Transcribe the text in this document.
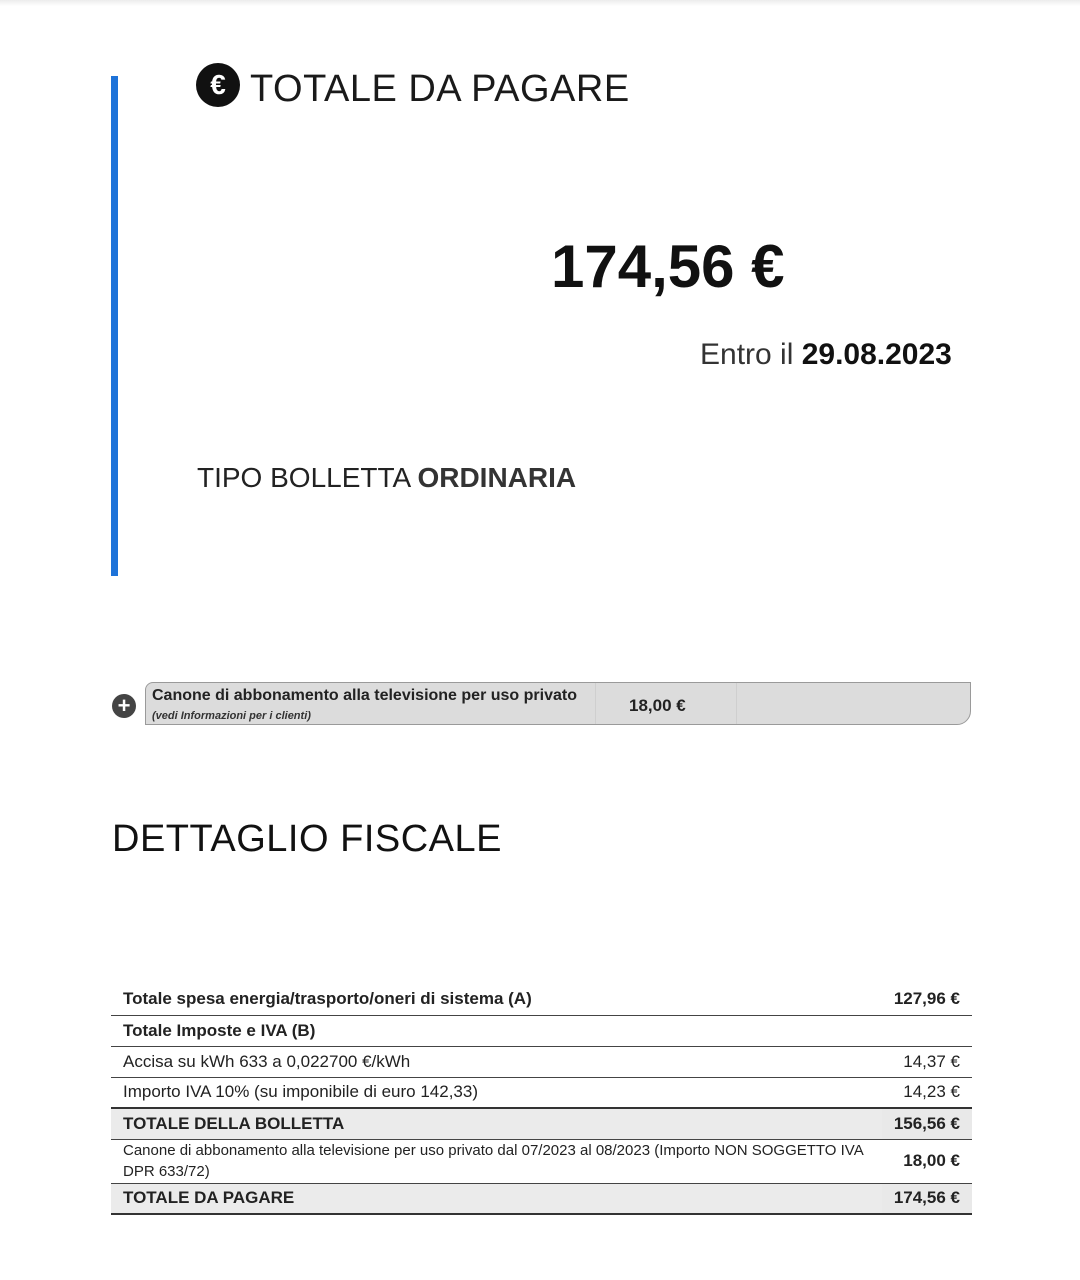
€ TOTALE DA PAGARE
174,56 €
Entro il 29.08.2023
TIPO BOLLETTA ORDINARIA
+	Canone di abbonamento alla televisione per uso privato
(vedi Informazioni per i clienti)
18,00 €
DETTAGLIO FISCALE
Totale spesa energia/trasporto/oneri di sistema (A)	127,96 €
Totale Imposte e IVA (B)	
Accisa su kWh 633 a 0,022700 €/kWh	14,37 €
Importo IVA 10% (su imponibile di euro 142,33)	14,23 €
TOTALE DELLA BOLLETTA	156,56 €
Canone di abbonamento alla televisione per uso privato dal 07/2023 al 08/2023 (Importo NON SOGGETTO IVA DPR 633/72)	18,00 €
TOTALE DA PAGARE	174,56 €
